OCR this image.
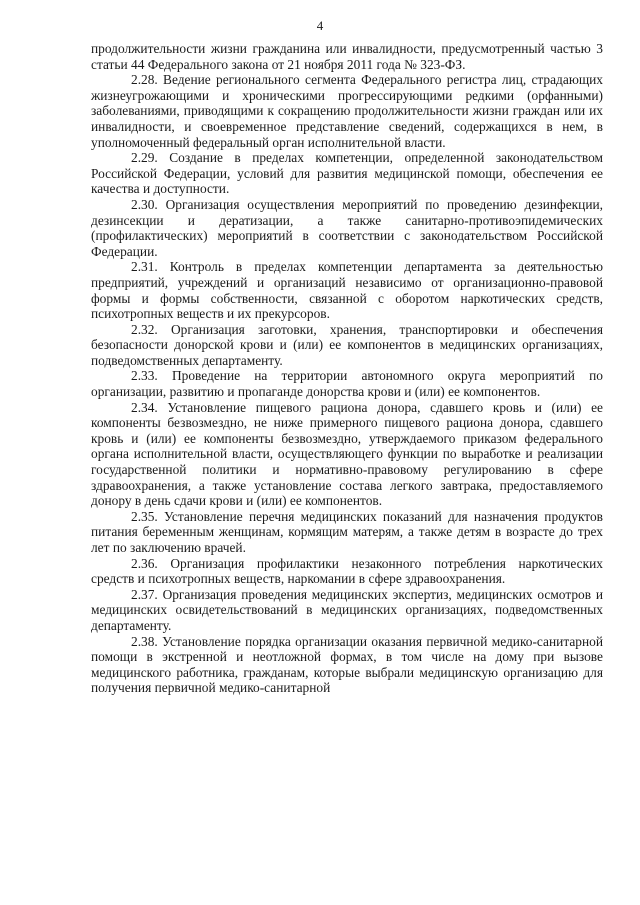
4

продолжительности жизни гражданина или инвалидности, предусмотренный частью 3 статьи 44 Федерального закона от 21 ноября 2011 года № 323-ФЗ.

2.28. Ведение регионального сегмента Федерального регистра лиц, страдающих жизнеугрожающими и хроническими прогрессирующими редкими (орфанными) заболеваниями, приводящими к сокращению продолжительности жизни граждан или их инвалидности, и своевременное представление сведений, содержащихся в нем, в уполномоченный федеральный орган исполнительной власти.

2.29. Создание в пределах компетенции, определенной законодательством Российской Федерации, условий для развития медицинской помощи, обеспечения ее качества и доступности.

2.30. Организация осуществления мероприятий по проведению дезинфекции, дезинсекции и дератизации, а также санитарно-противоэпидемических (профилактических) мероприятий в соответствии с законодательством Российской Федерации.

2.31. Контроль в пределах компетенции департамента за деятельностью предприятий, учреждений и организаций независимо от организационно-правовой формы и формы собственности, связанной с оборотом наркотических средств, психотропных веществ и их прекурсоров.

2.32. Организация заготовки, хранения, транспортировки и обеспечения безопасности донорской крови и (или) ее компонентов в медицинских организациях, подведомственных департаменту.

2.33. Проведение на территории автономного округа мероприятий по организации, развитию и пропаганде донорства крови и (или) ее компонентов.

2.34. Установление пищевого рациона донора, сдавшего кровь и (или) ее компоненты безвозмездно, не ниже примерного пищевого рациона донора, сдавшего кровь и (или) ее компоненты безвозмездно, утверждаемого приказом федерального органа исполнительной власти, осуществляющего функции по выработке и реализации государственной политики и нормативно-правовому регулированию в сфере здравоохранения, а также установление состава легкого завтрака, предоставляемого донору в день сдачи крови и (или) ее компонентов.

2.35. Установление перечня медицинских показаний для назначения продуктов питания беременным женщинам, кормящим матерям, а также детям в возрасте до трех лет по заключению врачей.

2.36. Организация профилактики незаконного потребления наркотических средств и психотропных веществ, наркомании в сфере здравоохранения.

2.37. Организация проведения медицинских экспертиз, медицинских осмотров и медицинских освидетельствований в медицинских организациях, подведомственных департаменту.

2.38. Установление порядка организации оказания первичной медико-санитарной помощи в экстренной и неотложной формах, в том числе на дому при вызове медицинского работника, гражданам, которые выбрали медицинскую организацию для получения первичной медико-санитарной
